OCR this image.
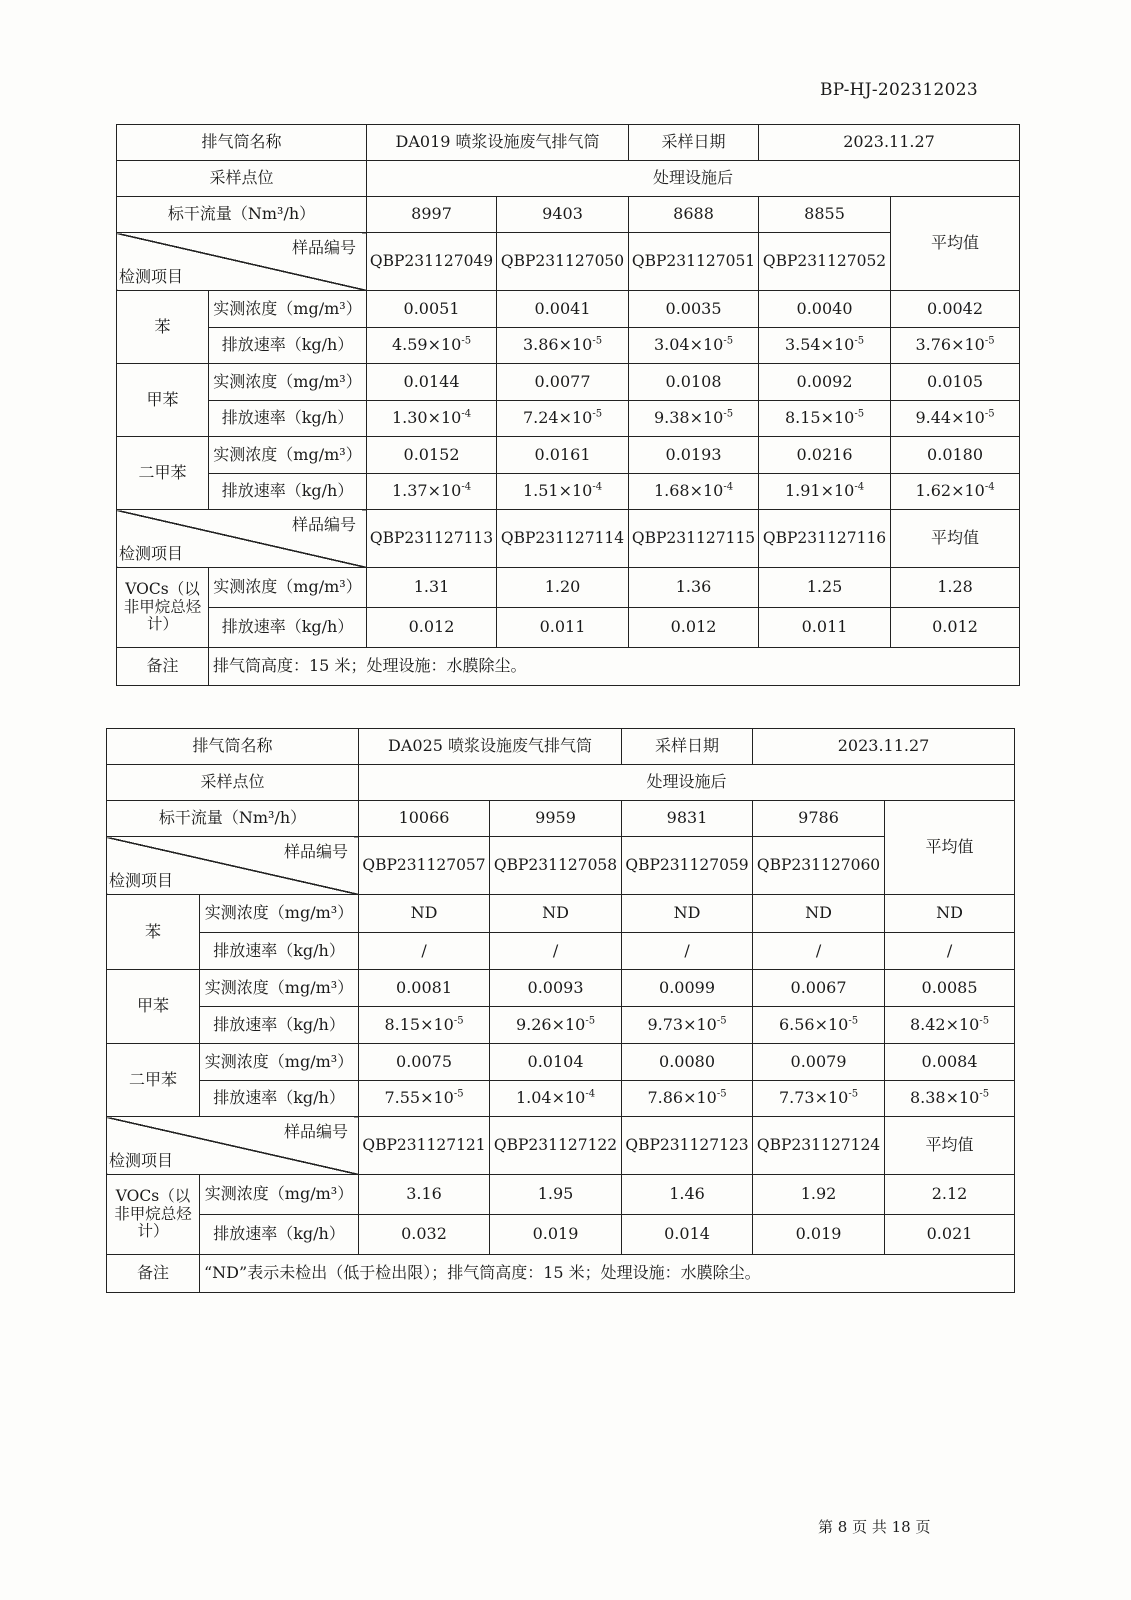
BP-HJ-202312023
排气筒名称		DA019 喷浆设施废气排气筒		采样日期	2023.11.27	
采样点位		处理设施后				
标干流量（Nm³/h）		8997	9403	8688	8855	平均值

样品编号
检测项目		QBP231127049	QBP231127050	QBP231127051	QBP231127052	
苯	实测浓度（mg/m³）	0.0051	0.0041	0.0035	0.0040	0.0042
	排放速率（kg/h）	$4.59\times 10^{-5}$	$3.86\times 10^{-5}$	$3.04\times 10^{-5}$	$3.54\times 10^{-5}$	$3.76\times 10^{-5}$
甲苯	实测浓度（mg/m³）	0.0144	0.0077	0.0108	0.0092	0.0105
	排放速率（kg/h）	$1.30\times 10^{-4}$	$7.24\times 10^{-5}$	$9.38\times 10^{-5}$	$8.15\times 10^{-5}$	$9.44\times 10^{-5}$
二甲苯	实测浓度（mg/m³）	0.0152	0.0161	0.0193	0.0216	0.0180
	排放速率（kg/h）	$1.37\times 10^{-4}$	$1.51\times 10^{-4}$	$1.68\times 10^{-4}$	$1.91\times 10^{-4}$	$1.62\times 10^{-4}$

样品编号
检测项目		QBP231127113	QBP231127114	QBP231127115	QBP231127116	平均值
VOCs（以非甲烷总烃计）	实测浓度（mg/m³）	1.31	1.20	1.36	1.25	1.28
	排放速率（kg/h）	0.012	0.011	0.012	0.011	0.012
备注	排气筒高度：15 米；处理设施：水膜除尘。					
排气筒名称		DA025 喷浆设施废气排气筒		采样日期	2023.11.27	
采样点位		处理设施后				
标干流量（Nm³/h）		10066	9959	9831	9786	平均值

样品编号
检测项目		QBP231127057	QBP231127058	QBP231127059	QBP231127060	
苯	实测浓度（mg/m³）	ND	ND	ND	ND	ND
	排放速率（kg/h）	/	/	/	/	/
甲苯	实测浓度（mg/m³）	0.0081	0.0093	0.0099	0.0067	0.0085
	排放速率（kg/h）	$8.15\times 10^{-5}$	$9.26\times 10^{-5}$	$9.73\times 10^{-5}$	$6.56\times 10^{-5}$	$8.42\times 10^{-5}$
二甲苯	实测浓度（mg/m³）	0.0075	0.0104	0.0080	0.0079	0.0084
	排放速率（kg/h）	$7.55\times 10^{-5}$	$1.04\times 10^{-4}$	$7.86\times 10^{-5}$	$7.73\times 10^{-5}$	$8.38\times 10^{-5}$

样品编号
检测项目		QBP231127121	QBP231127122	QBP231127123	QBP231127124	平均值
VOCs（以非甲烷总烃计）	实测浓度（mg/m³）	3.16	1.95	1.46	1.92	2.12
	排放速率（kg/h）	0.032	0.019	0.014	0.019	0.021
备注	“ND”表示未检出（低于检出限）；排气筒高度：15 米；处理设施：水膜除尘。					
第 8 页 共 18 页
